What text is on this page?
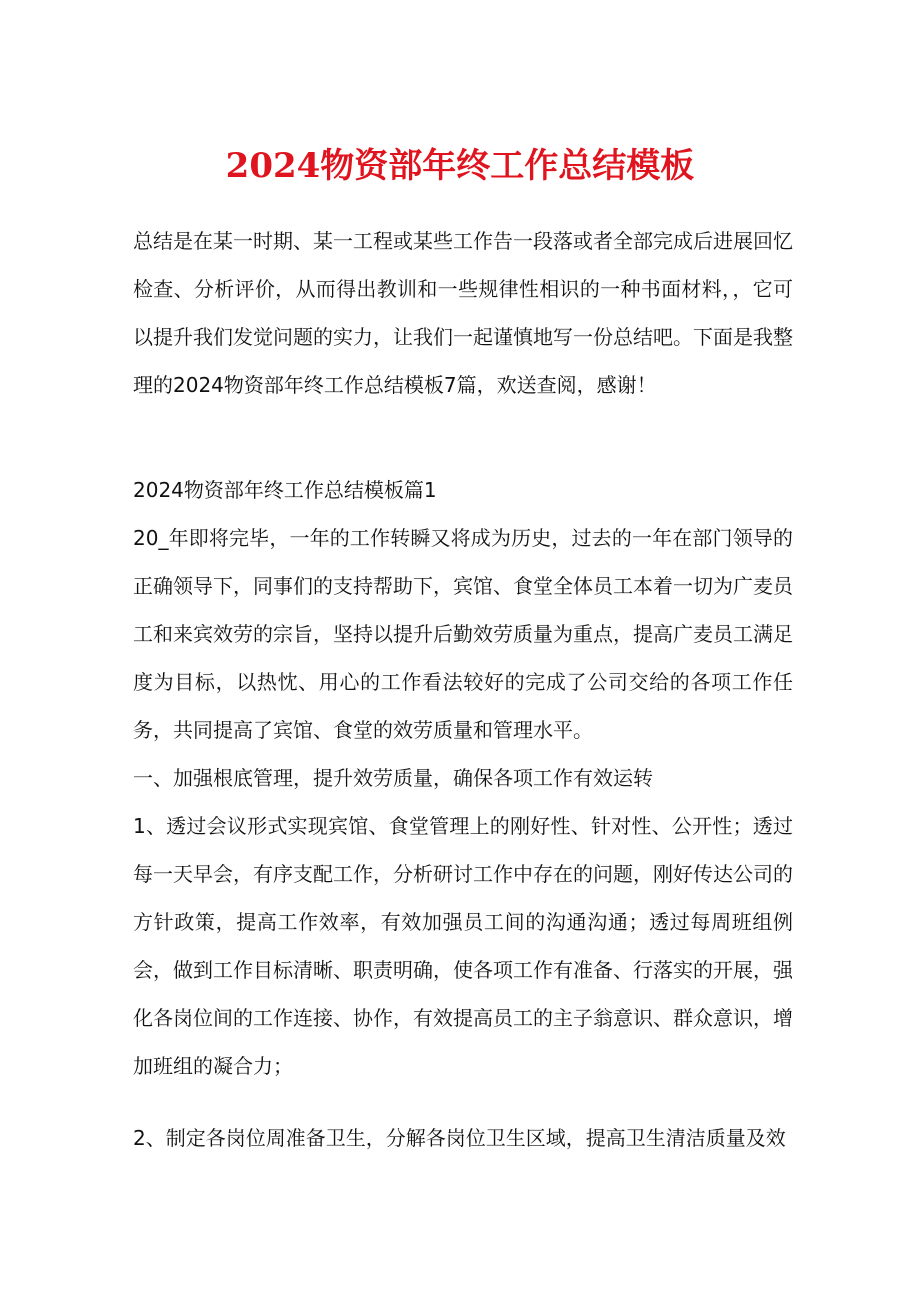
2024物资部年终工作总结模板

总结是在某一时期、某一工程或某些工作告一段落或者全部完成后进展回忆检查、分析评价，从而得出教训和一些规律性相识的一种书面材料，，它可以提升我们发觉问题的实力，让我们一起谨慎地写一份总结吧。下面是我整理的2024物资部年终工作总结模板7篇，欢送查阅，感谢！

2024物资部年终工作总结模板篇1

20_年即将完毕，一年的工作转瞬又将成为历史，过去的一年在部门领导的正确领导下，同事们的支持帮助下，宾馆、食堂全体员工本着一切为广麦员工和来宾效劳的宗旨，坚持以提升后勤效劳质量为重点，提高广麦员工满足度为目标，以热忱、用心的工作看法较好的完成了公司交给的各项工作任务，共同提高了宾馆、食堂的效劳质量和管理水平。

一、加强根底管理，提升效劳质量，确保各项工作有效运转

1、透过会议形式实现宾馆、食堂管理上的刚好性、针对性、公开性；透过每一天早会，有序支配工作，分析研讨工作中存在的问题，刚好传达公司的方针政策，提高工作效率，有效加强员工间的沟通沟通；透过每周班组例会，做到工作目标清晰、职责明确，使各项工作有准备、行落实的开展，强化各岗位间的工作连接、协作，有效提高员工的主子翁意识、群众意识，增加班组的凝合力；

2、制定各岗位周准备卫生，分解各岗位卫生区域，提高卫生清洁质量及效
